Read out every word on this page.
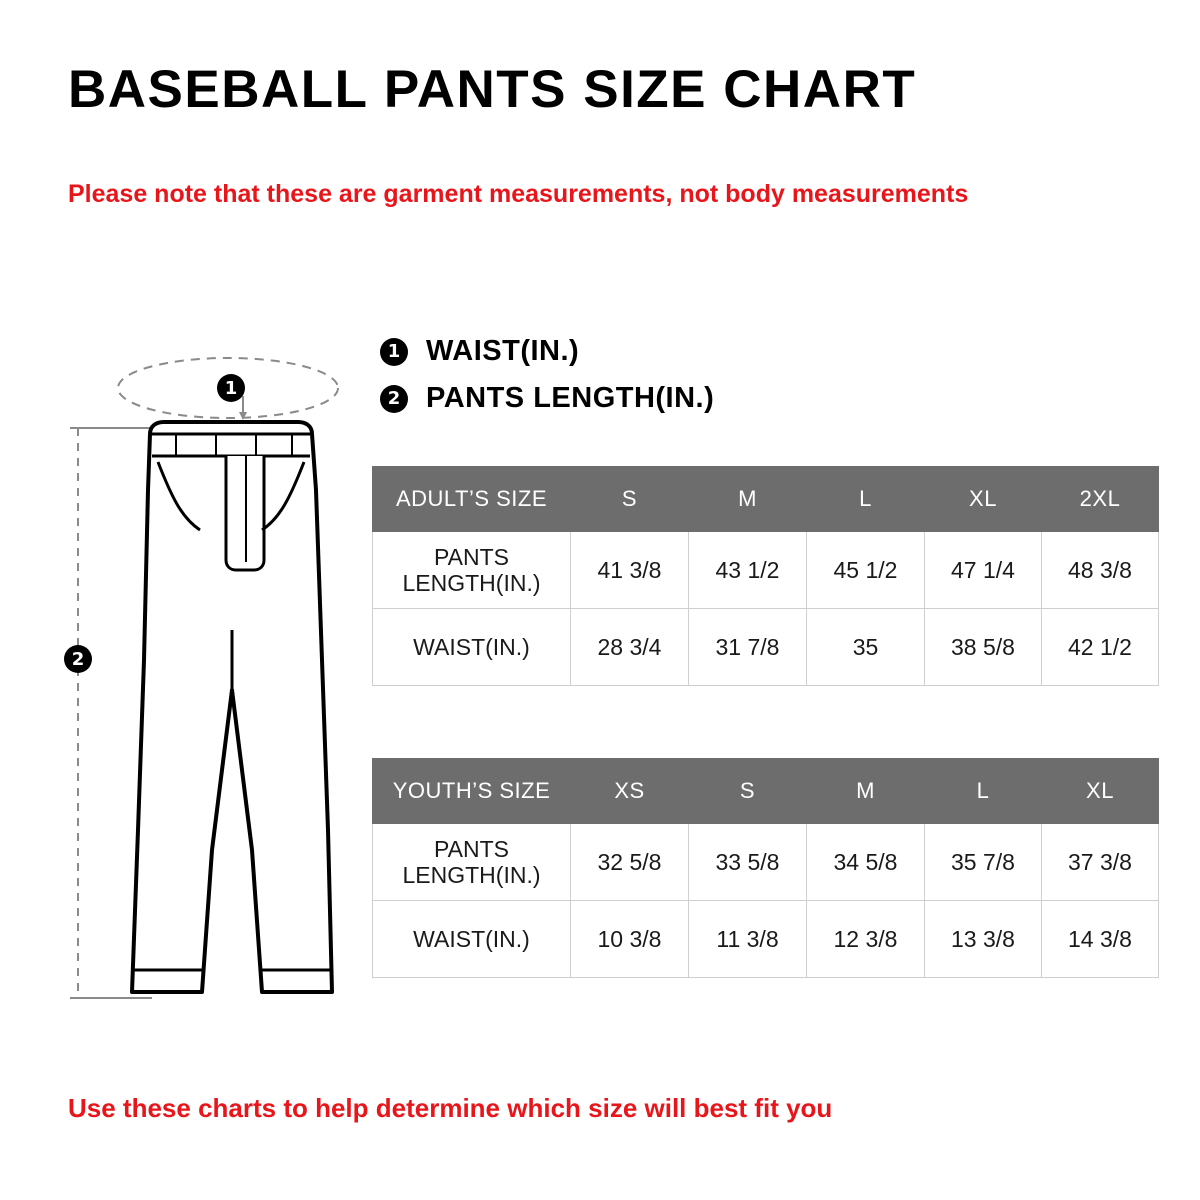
BASEBALL PANTS SIZE CHART
Please note that these are garment measurements, not body measurements
1 WAIST(IN.)
2 PANTS LENGTH(IN.)
1
2
ADULT’S SIZE	S	M	L	XL	2XL
PANTS LENGTH(IN.)	41 3/8	43 1/2	45 1/2	47 1/4	48 3/8
WAIST(IN.)	28 3/4	31 7/8	35	38 5/8	42 1/2
YOUTH’S SIZE	XS	S	M	L	XL
PANTS LENGTH(IN.)	32 5/8	33 5/8	34 5/8	35 7/8	37 3/8
WAIST(IN.)	10 3/8	11 3/8	12 3/8	13 3/8	14 3/8
Use these charts to help determine which size will best fit you
